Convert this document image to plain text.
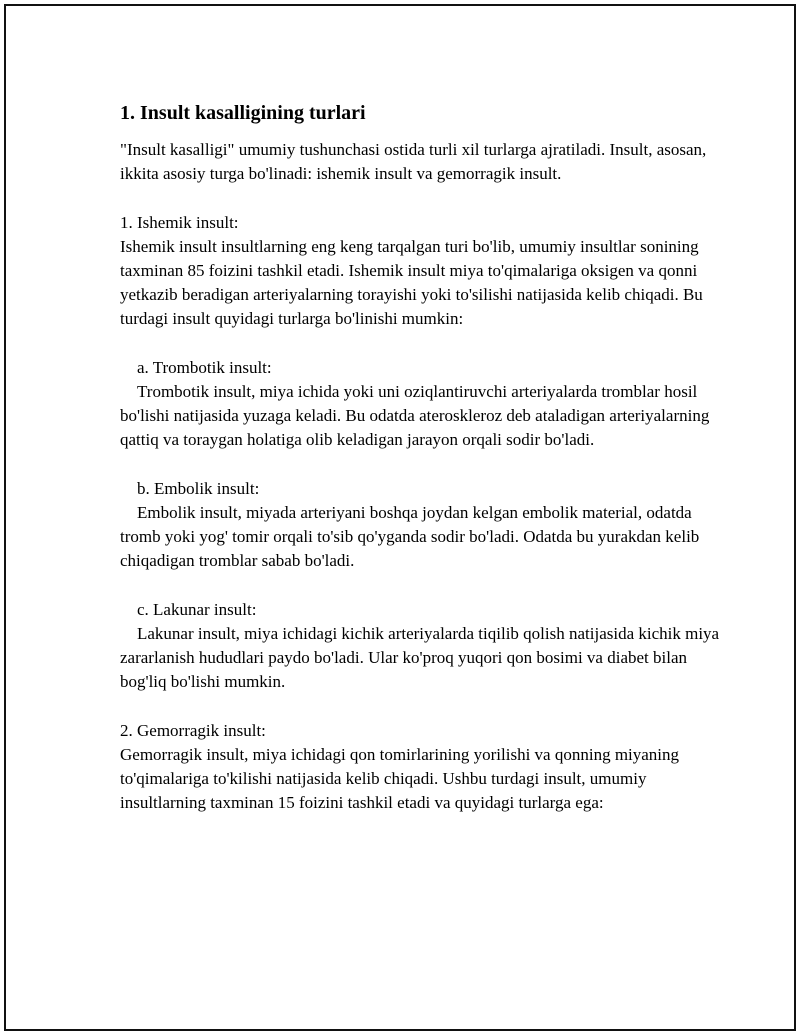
1. Insult kasalligining turlari

"Insult kasalligi" umumiy tushunchasi ostida turli xil turlarga ajratiladi. Insult, asosan, ikkita asosiy turga bo'linadi: ishemik insult va gemorragik insult.

1. Ishemik insult:

Ishemik insult insultlarning eng keng tarqalgan turi bo'lib, umumiy insultlar sonining taxminan 85 foizini tashkil etadi. Ishemik insult miya to'qimalariga oksigen va qonni yetkazib beradigan arteriyalarning torayishi yoki to'silishi natijasida kelib chiqadi. Bu turdagi insult quyidagi turlarga bo'linishi mumkin:

a. Trombotik insult:

Trombotik insult, miya ichida yoki uni oziqlantiruvchi arteriyalarda tromblar hosil bo'lishi natijasida yuzaga keladi. Bu odatda ateroskleroz deb ataladigan arteriyalarning qattiq va toraygan holatiga olib keladigan jarayon orqali sodir bo'ladi.

b. Embolik insult:

Embolik insult, miyada arteriyani boshqa joydan kelgan embolik material, odatda tromb yoki yog' tomir orqali to'sib qo'yganda sodir bo'ladi. Odatda bu yurakdan kelib chiqadigan tromblar sabab bo'ladi.

c. Lakunar insult:

Lakunar insult, miya ichidagi kichik arteriyalarda tiqilib qolish natijasida kichik miya zararlanish hududlari paydo bo'ladi. Ular ko'proq yuqori qon bosimi va diabet bilan bog'liq bo'lishi mumkin.

2. Gemorragik insult:

Gemorragik insult, miya ichidagi qon tomirlarining yorilishi va qonning miyaning to'qimalariga to'kilishi natijasida kelib chiqadi. Ushbu turdagi insult, umumiy insultlarning taxminan 15 foizini tashkil etadi va quyidagi turlarga ega:
